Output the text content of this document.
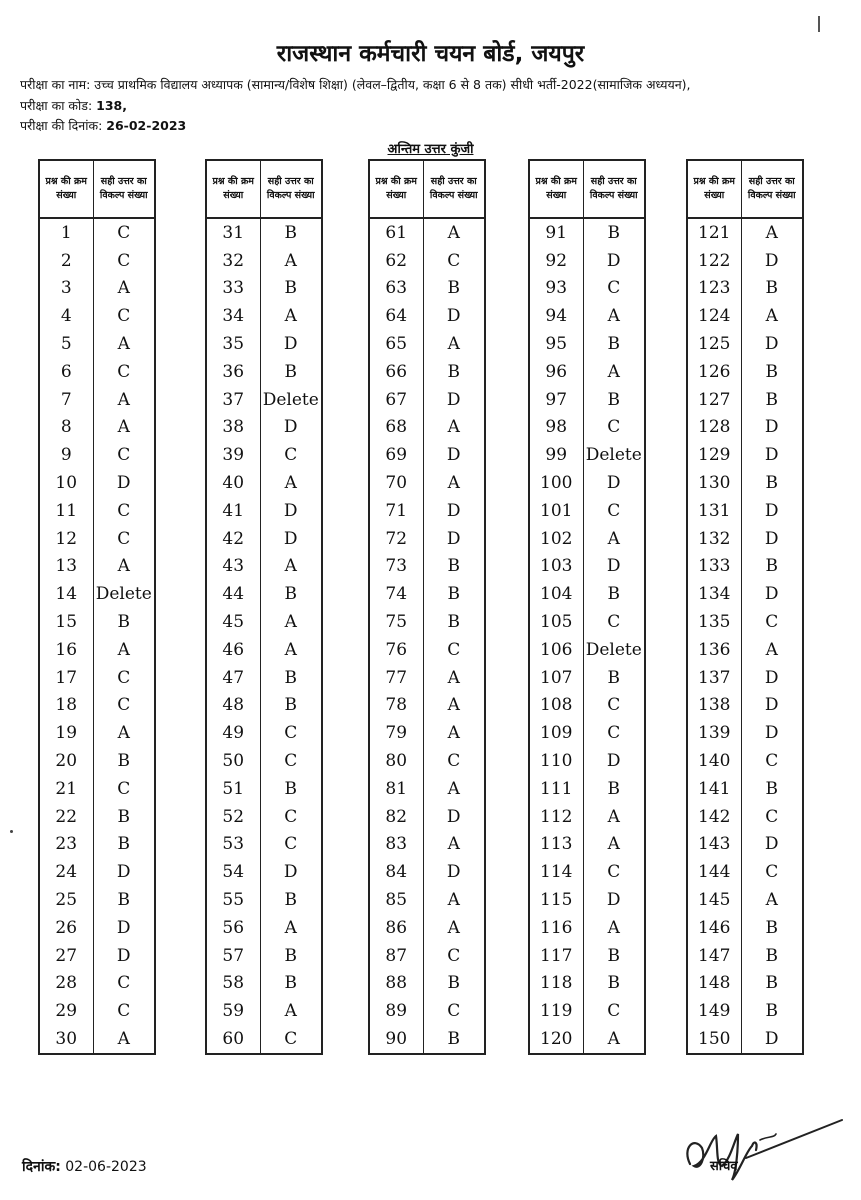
राजस्थान कर्मचारी चयन बोर्ड, जयपुर
परीक्षा का नाम: उच्च प्राथमिक विद्यालय अध्यापक (सामान्य/विशेष शिक्षा) (लेवल–द्वितीय, कक्षा 6 से 8 तक) सीधी भर्ती-2022(सामाजिक अध्ययन),
परीक्षा का कोड: 138,
परीक्षा की दिनांक: 26-02-2023
अन्तिम उत्तर कुंजी
प्रश्न की क्रम संख्या	सही उत्तर का विकल्प संख्या
1	C
2	C
3	A
4	C
5	A
6	C
7	A
8	A
9	C
10	D
11	C
12	C
13	A
14	Delete
15	B
16	A
17	C
18	C
19	A
20	B
21	C
22	B
23	B
24	D
25	B
26	D
27	D
28	C
29	C
30	A
प्रश्न की क्रम संख्या	सही उत्तर का विकल्प संख्या
31	B
32	A
33	B
34	A
35	D
36	B
37	Delete
38	D
39	C
40	A
41	D
42	D
43	A
44	B
45	A
46	A
47	B
48	B
49	C
50	C
51	B
52	C
53	C
54	D
55	B
56	A
57	B
58	B
59	A
60	C
प्रश्न की क्रम संख्या	सही उत्तर का विकल्प संख्या
61	A
62	C
63	B
64	D
65	A
66	B
67	D
68	A
69	D
70	A
71	D
72	D
73	B
74	B
75	B
76	C
77	A
78	A
79	A
80	C
81	A
82	D
83	A
84	D
85	A
86	A
87	C
88	B
89	C
90	B
प्रश्न की क्रम संख्या	सही उत्तर का विकल्प संख्या
91	B
92	D
93	C
94	A
95	B
96	A
97	B
98	C
99	Delete
100	D
101	C
102	A
103	D
104	B
105	C
106	Delete
107	B
108	C
109	C
110	D
111	B
112	A
113	A
114	C
115	D
116	A
117	B
118	B
119	C
120	A
प्रश्न की क्रम संख्या	सही उत्तर का विकल्प संख्या
121	A
122	D
123	B
124	A
125	D
126	B
127	B
128	D
129	D
130	B
131	D
132	D
133	B
134	D
135	C
136	A
137	D
138	D
139	D
140	C
141	B
142	C
143	D
144	C
145	A
146	B
147	B
148	B
149	B
150	D
दिनांक: 02-06-2023	सचिव
